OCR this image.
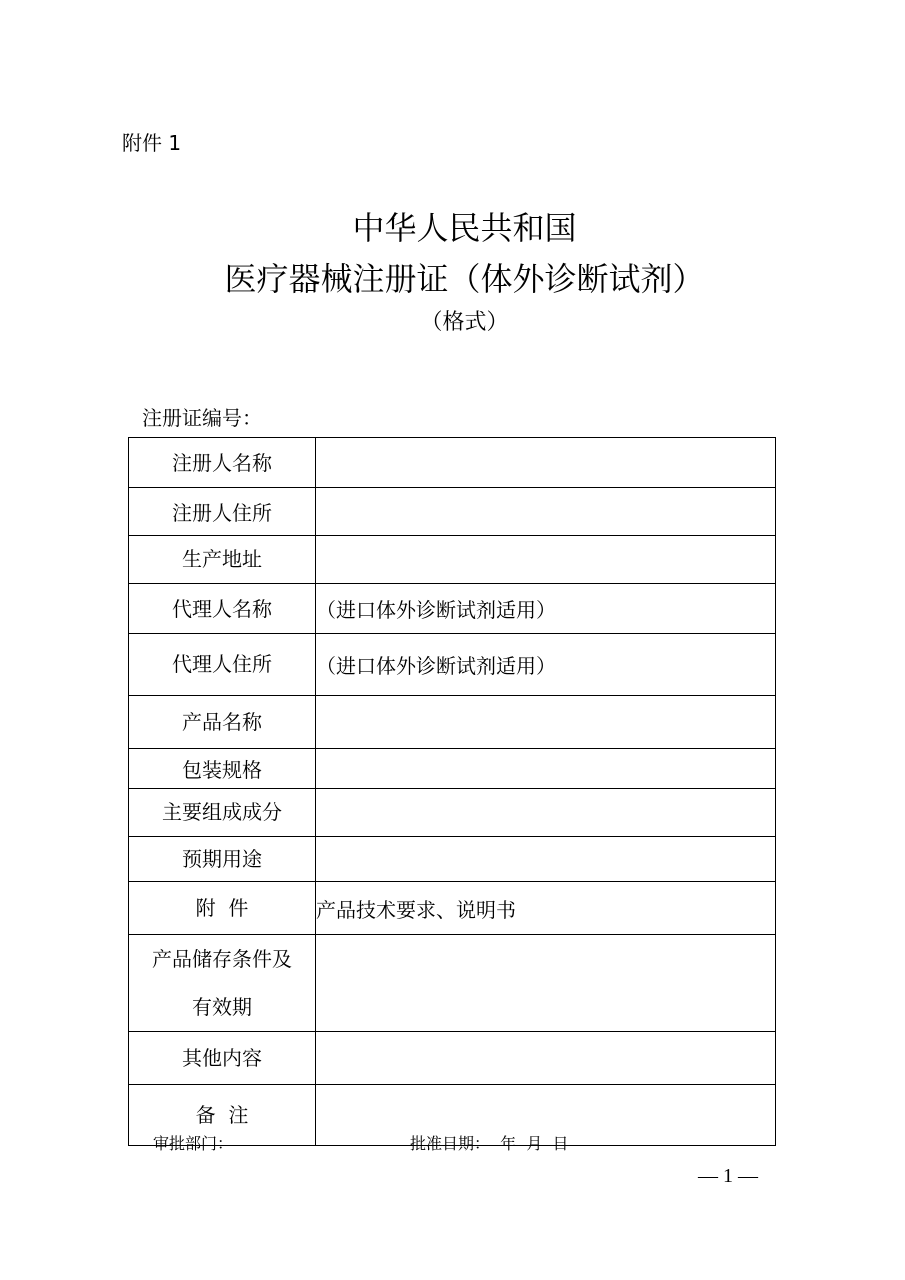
附件 1
中华人民共和国
医疗器械注册证（体外诊断试剂）
（格式）
注册证编号：
注册人名称	
注册人住所	
生产地址	
代理人名称	（进口体外诊断试剂适用）
代理人住所	（进口体外诊断试剂适用）
产品名称	
包装规格	
主要组成成分	
预期用途	
附  件	产品技术要求、说明书

产品储存条件及
有效期	

其他内容	
备  注	
审批部门：	批准日期：  年  月  日
— 1 —
